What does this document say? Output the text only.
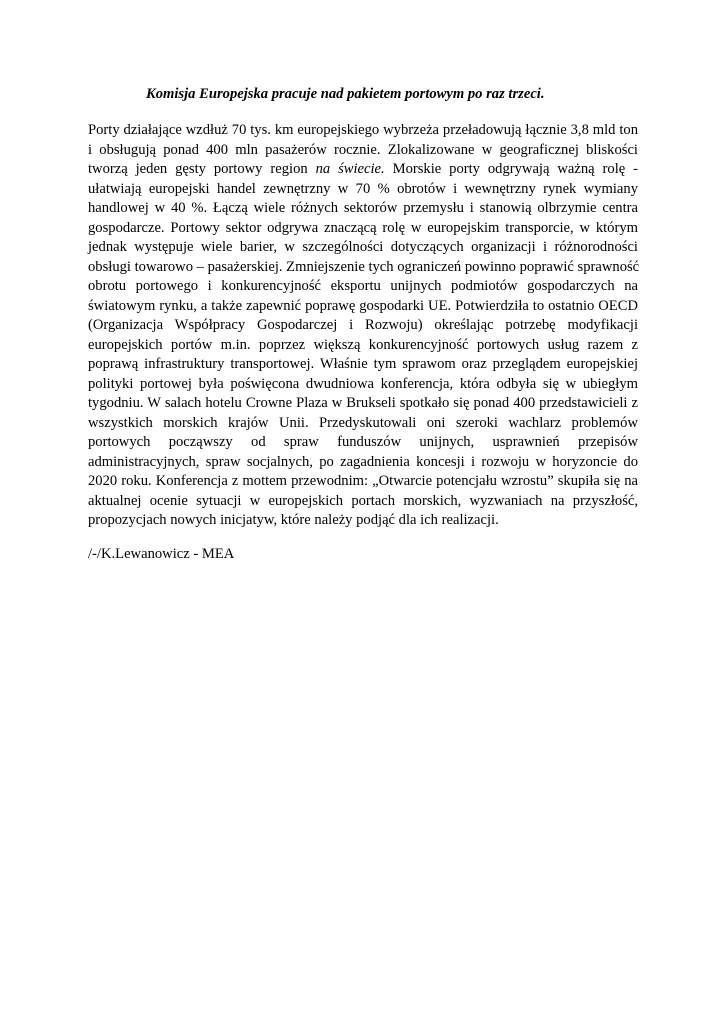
Komisja Europejska pracuje nad pakietem portowym po raz trzeci.
Porty działające wzdłuż 70 tys. km europejskiego wybrzeża przeładowują łącznie 3,8 mld ton
i obsługują ponad 400 mln pasażerów rocznie. Zlokalizowane w geograficznej bliskości
tworzą jeden gęsty portowy region na świecie. Morskie porty odgrywają ważną rolę -
ułatwiają europejski handel zewnętrzny w 70 % obrotów i wewnętrzny rynek wymiany
handlowej w 40 %. Łączą wiele różnych sektorów przemysłu i stanowią olbrzymie centra
gospodarcze. Portowy sektor odgrywa znaczącą rolę w europejskim transporcie, w którym
jednak występuje wiele barier, w szczególności dotyczących organizacji i różnorodności
obsługi towarowo – pasażerskiej. Zmniejszenie tych ograniczeń powinno poprawić sprawność
obrotu portowego i konkurencyjność eksportu unijnych podmiotów gospodarczych na
światowym rynku, a także zapewnić poprawę gospodarki UE. Potwierdziła to ostatnio OECD
(Organizacja Współpracy Gospodarczej i Rozwoju) określając potrzebę modyfikacji
europejskich portów m.in. poprzez większą konkurencyjność portowych usług razem z
poprawą infrastruktury transportowej. Właśnie tym sprawom oraz przeglądem europejskiej
polityki portowej była poświęcona dwudniowa konferencja, która odbyła się w ubiegłym
tygodniu. W salach hotelu Crowne Plaza w Brukseli spotkało się ponad 400 przedstawicieli z
wszystkich morskich krajów Unii. Przedyskutowali oni szeroki wachlarz problemów
portowych począwszy od spraw funduszów unijnych, usprawnień przepisów
administracyjnych, spraw socjalnych, po zagadnienia koncesji i rozwoju w horyzoncie do
2020 roku. Konferencja z mottem przewodnim: „Otwarcie potencjału wzrostu” skupiła się na
aktualnej ocenie sytuacji w europejskich portach morskich, wyzwaniach na przyszłość,
propozycjach nowych inicjatyw, które należy podjąć dla ich realizacji.
/-/K.Lewanowicz - MEA
